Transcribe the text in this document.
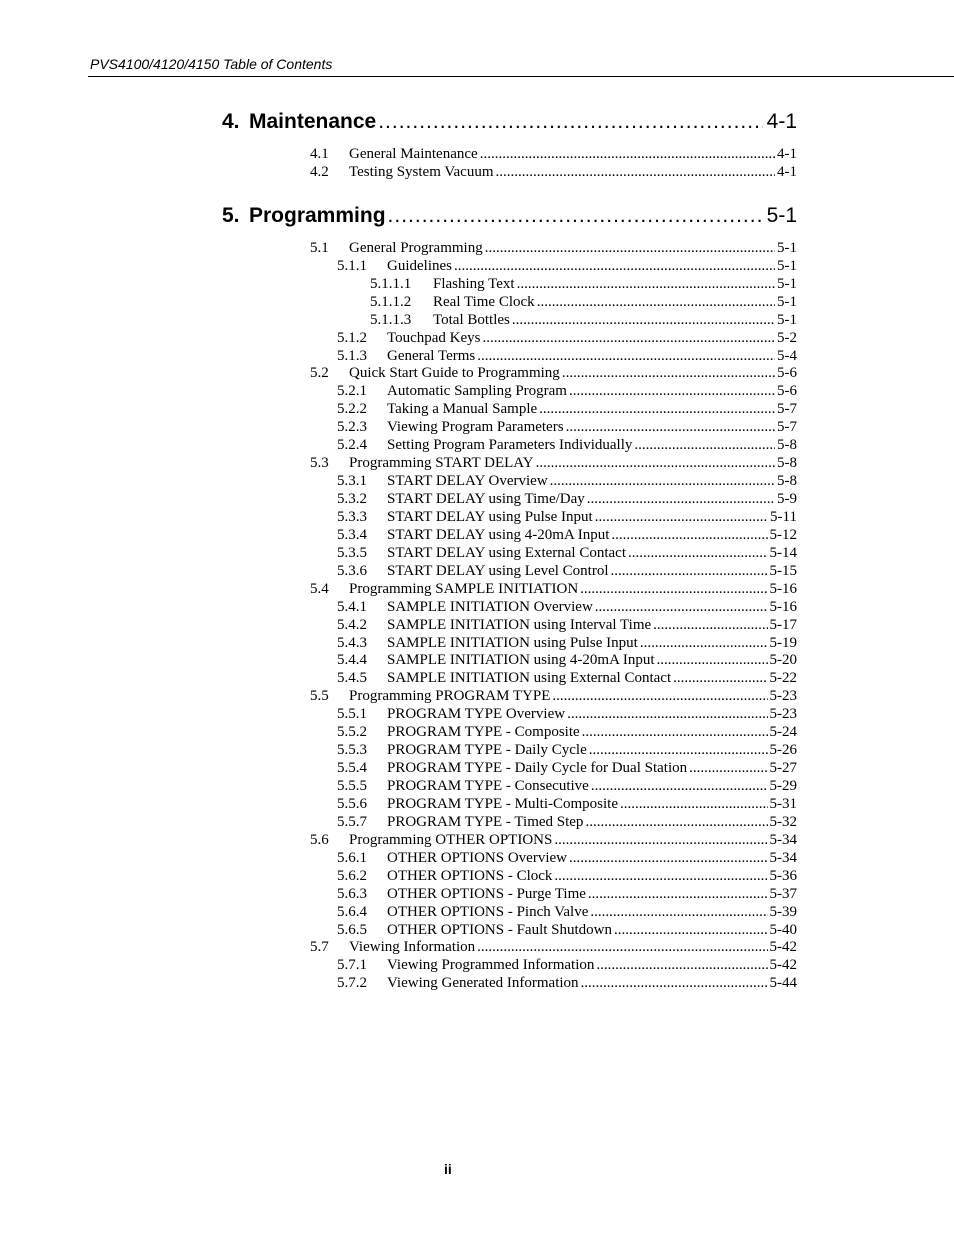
PVS4100/4120/4150 Table of Contents
4. Maintenance .....	4-1
4.1	General Maintenance .....	4-1
4.2	Testing System Vacuum .....	4-1
5. Programming .....	5-1
5.1	General Programming .....	5-1
5.1.1	Guidelines .....	5-1
5.1.1.1	Flashing Text .....	5-1
5.1.1.2	Real Time Clock .....	5-1
5.1.1.3	Total Bottles .....	5-1
5.1.2	Touchpad Keys .....	5-2
5.1.3	General Terms .....	5-4
5.2	Quick Start Guide to Programming .....	5-6
5.2.1	Automatic Sampling Program .....	5-6
5.2.2	Taking a Manual Sample .....	5-7
5.2.3	Viewing Program Parameters .....	5-7
5.2.4	Setting Program Parameters Individually .....	5-8
5.3	Programming START DELAY .....	5-8
5.3.1	START DELAY Overview .....	5-8
5.3.2	START DELAY using Time/Day .....	5-9
5.3.3	START DELAY using Pulse Input .....	5-11
5.3.4	START DELAY using 4-20mA Input .....	5-12
5.3.5	START DELAY using External Contact .....	5-14
5.3.6	START DELAY using Level Control .....	5-15
5.4	Programming SAMPLE INITIATION .....	5-16
5.4.1	SAMPLE INITIATION Overview .....	5-16
5.4.2	SAMPLE INITIATION using Interval Time .....	5-17
5.4.3	SAMPLE INITIATION using Pulse Input .....	5-19
5.4.4	SAMPLE INITIATION using 4-20mA Input .....	5-20
5.4.5	SAMPLE INITIATION using External Contact .....	5-22
5.5	Programming PROGRAM TYPE .....	5-23
5.5.1	PROGRAM TYPE Overview .....	5-23
5.5.2	PROGRAM TYPE - Composite .....	5-24
5.5.3	PROGRAM TYPE - Daily Cycle .....	5-26
5.5.4	PROGRAM TYPE - Daily Cycle for Dual Station .....	5-27
5.5.5	PROGRAM TYPE - Consecutive .....	5-29
5.5.6	PROGRAM TYPE - Multi-Composite .....	5-31
5.5.7	PROGRAM TYPE - Timed Step .....	5-32
5.6	Programming OTHER OPTIONS .....	5-34
5.6.1	OTHER OPTIONS Overview .....	5-34
5.6.2	OTHER OPTIONS - Clock .....	5-36
5.6.3	OTHER OPTIONS - Purge Time .....	5-37
5.6.4	OTHER OPTIONS - Pinch Valve .....	5-39
5.6.5	OTHER OPTIONS - Fault Shutdown .....	5-40
5.7	Viewing Information .....	5-42
5.7.1	Viewing Programmed Information .....	5-42
5.7.2	Viewing Generated Information .....	5-44
ii
